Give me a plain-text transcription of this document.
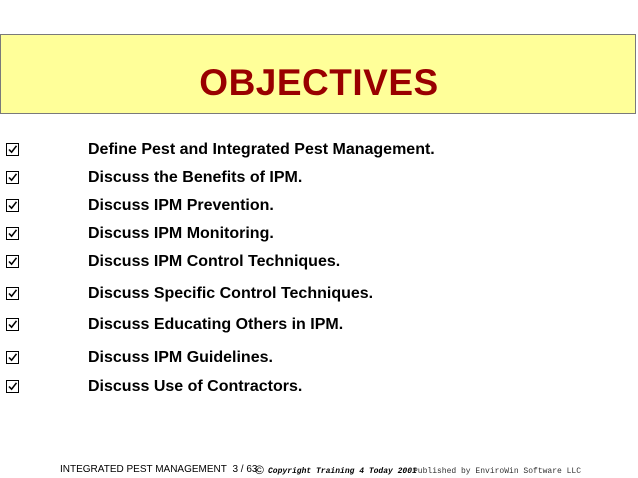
OBJECTIVES
Define Pest and Integrated Pest Management.
Discuss the Benefits of IPM.
Discuss IPM Prevention.
Discuss IPM Monitoring.
Discuss IPM Control Techniques.
Discuss Specific Control Techniques.
Discuss Educating Others in IPM.
Discuss IPM Guidelines.
Discuss Use of Contractors.
INTEGRATED PEST MANAGEMENT 3 / 63
© Copyright Training 4 Today 2001
Published by EnviroWin Software LLC
